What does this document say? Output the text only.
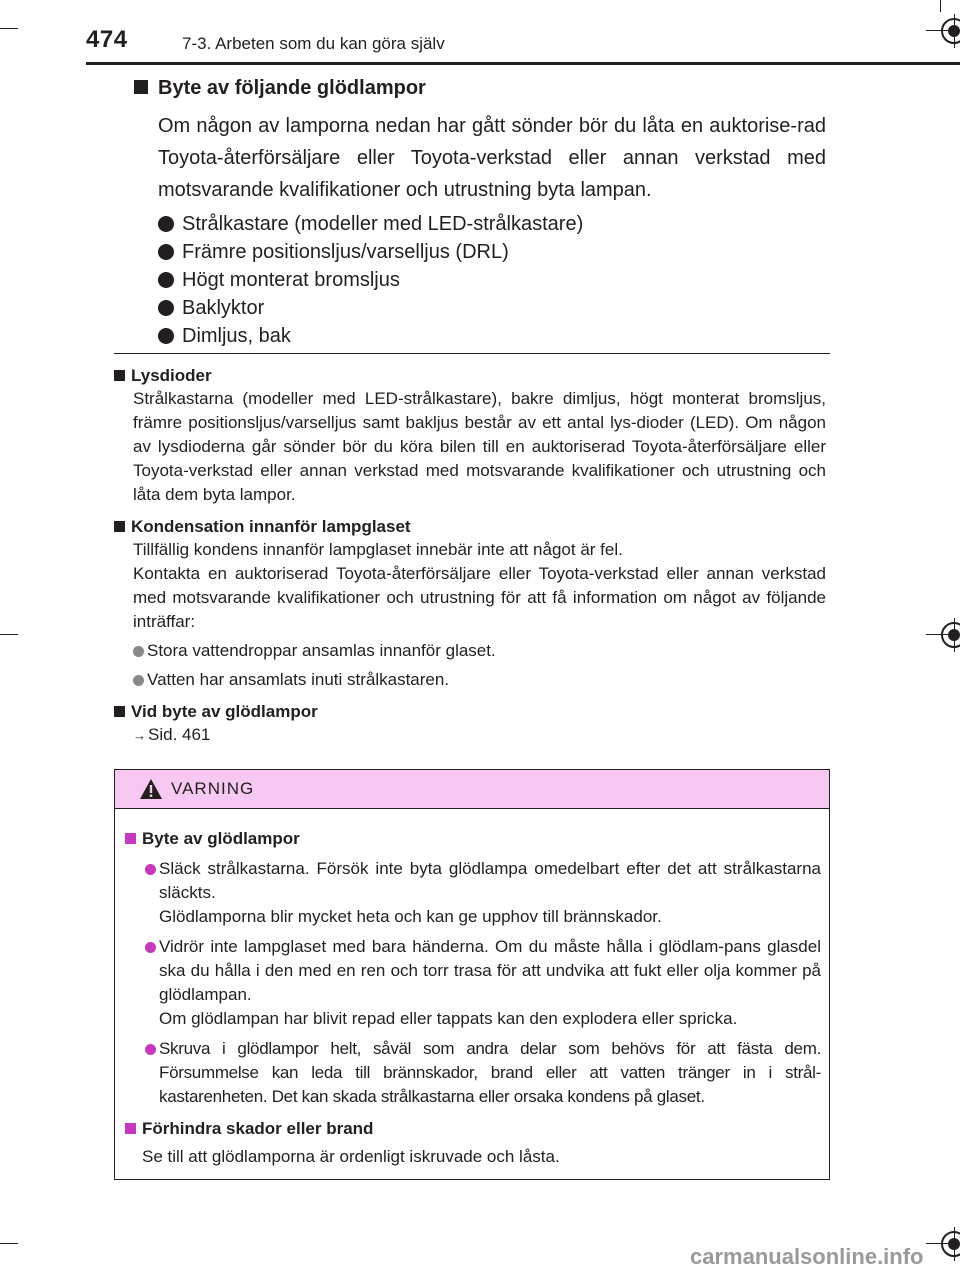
474	7-3. Arbeten som du kan göra själv
Byte av följande glödlampor

Om någon av lamporna nedan har gått sönder bör du låta en auktorise-rad Toyota-återförsäljare eller Toyota-verkstad eller annan verkstad med motsvarande kvalifikationer och utrustning byta lampan.

Strålkastare (modeller med LED-strålkastare)
Främre positionsljus/varselljus (DRL)
Högt monterat bromsljus
Baklyktor
Dimljus, bak
Lysdioder
Strålkastarna (modeller med LED-strålkastare), bakre dimljus, högt monterat bromsljus, främre positionsljus/varselljus samt bakljus består av ett antal lys-dioder (LED). Om någon av lysdioderna går sönder bör du köra bilen till en auktoriserad Toyota-återförsäljare eller Toyota-verkstad eller annan verkstad med motsvarande kvalifikationer och utrustning och låta dem byta lampor.
Kondensation innanför lampglaset
Tillfällig kondens innanför lampglaset innebär inte att något är fel.
Kontakta en auktoriserad Toyota-återförsäljare eller Toyota-verkstad eller annan verkstad med motsvarande kvalifikationer och utrustning för att få information om något av följande inträffar:
Stora vattendroppar ansamlas innanför glaset.
Vatten har ansamlats inuti strålkastaren.
Vid byte av glödlampor
→ Sid. 461
VARNING
Byte av glödlampor
Släck strålkastarna. Försök inte byta glödlampa omedelbart efter det att strålkastarna släckts.
Glödlamporna blir mycket heta och kan ge upphov till brännskador.
Vidrör inte lampglaset med bara händerna. Om du måste hålla i glödlam-pans glasdel ska du hålla i den med en ren och torr trasa för att undvika att fukt eller olja kommer på glödlampan.
Om glödlampan har blivit repad eller tappats kan den explodera eller spricka.
Skruva i glödlampor helt, såväl som andra delar som behövs för att fästa dem. Försummelse kan leda till brännskador, brand eller att vatten tränger in i strål-kastarenheten. Det kan skada strålkastarna eller orsaka kondens på glaset.
Förhindra skador eller brand
Se till att glödlamporna är ordenligt iskruvade och låsta.
carmanualsonline.info
